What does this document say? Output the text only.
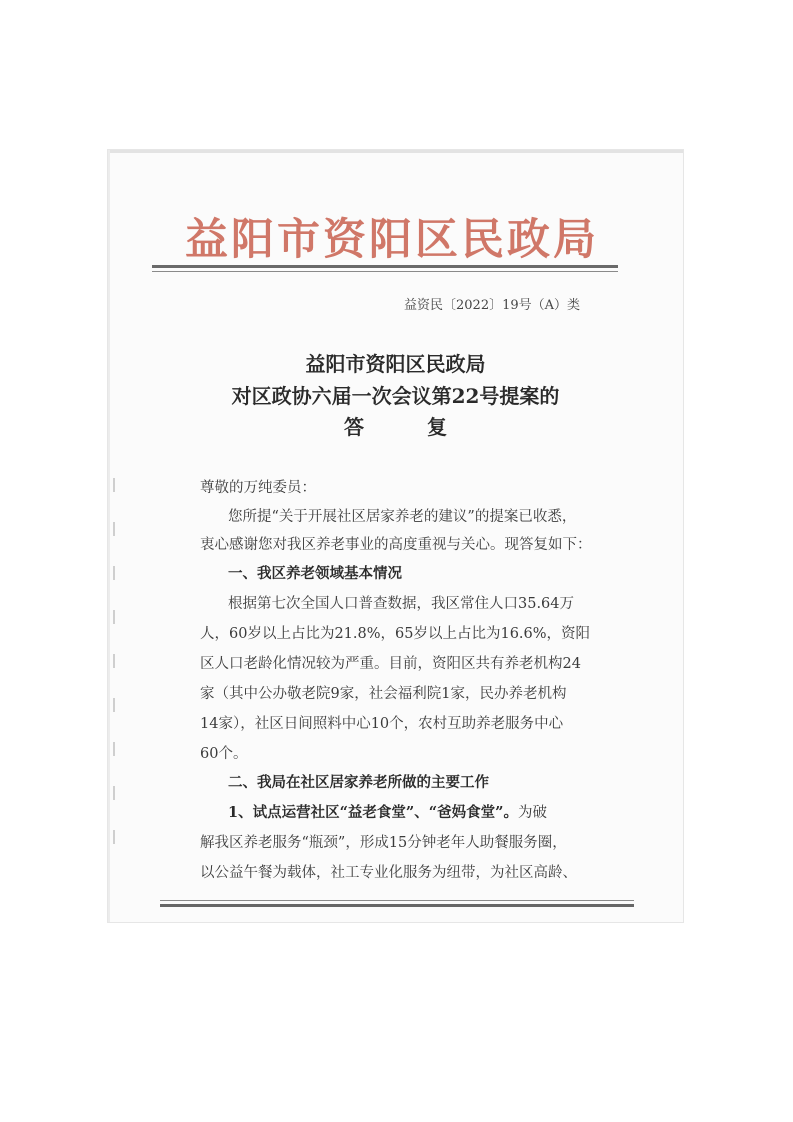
益阳市资阳区民政局
益资民〔2022〕19号（A）类
益阳市资阳区民政局
对区政协六届一次会议第22号提案的
答 复
尊敬的万纯委员：
您所提“关于开展社区居家养老的建议”的提案已收悉，
衷心感谢您对我区养老事业的高度重视与关心。现答复如下：
一、我区养老领域基本情况
根据第七次全国人口普查数据，我区常住人口35.64万
人，60岁以上占比为21.8%，65岁以上占比为16.6%，资阳
区人口老龄化情况较为严重。目前，资阳区共有养老机构24
家（其中公办敬老院9家，社会福利院1家，民办养老机构
14家），社区日间照料中心10个，农村互助养老服务中心
60个。
二、我局在社区居家养老所做的主要工作
1、试点运营社区“益老食堂”、“爸妈食堂”。为破
解我区养老服务“瓶颈”，形成15分钟老年人助餐服务圈，
以公益午餐为载体，社工专业化服务为纽带，为社区高龄、
